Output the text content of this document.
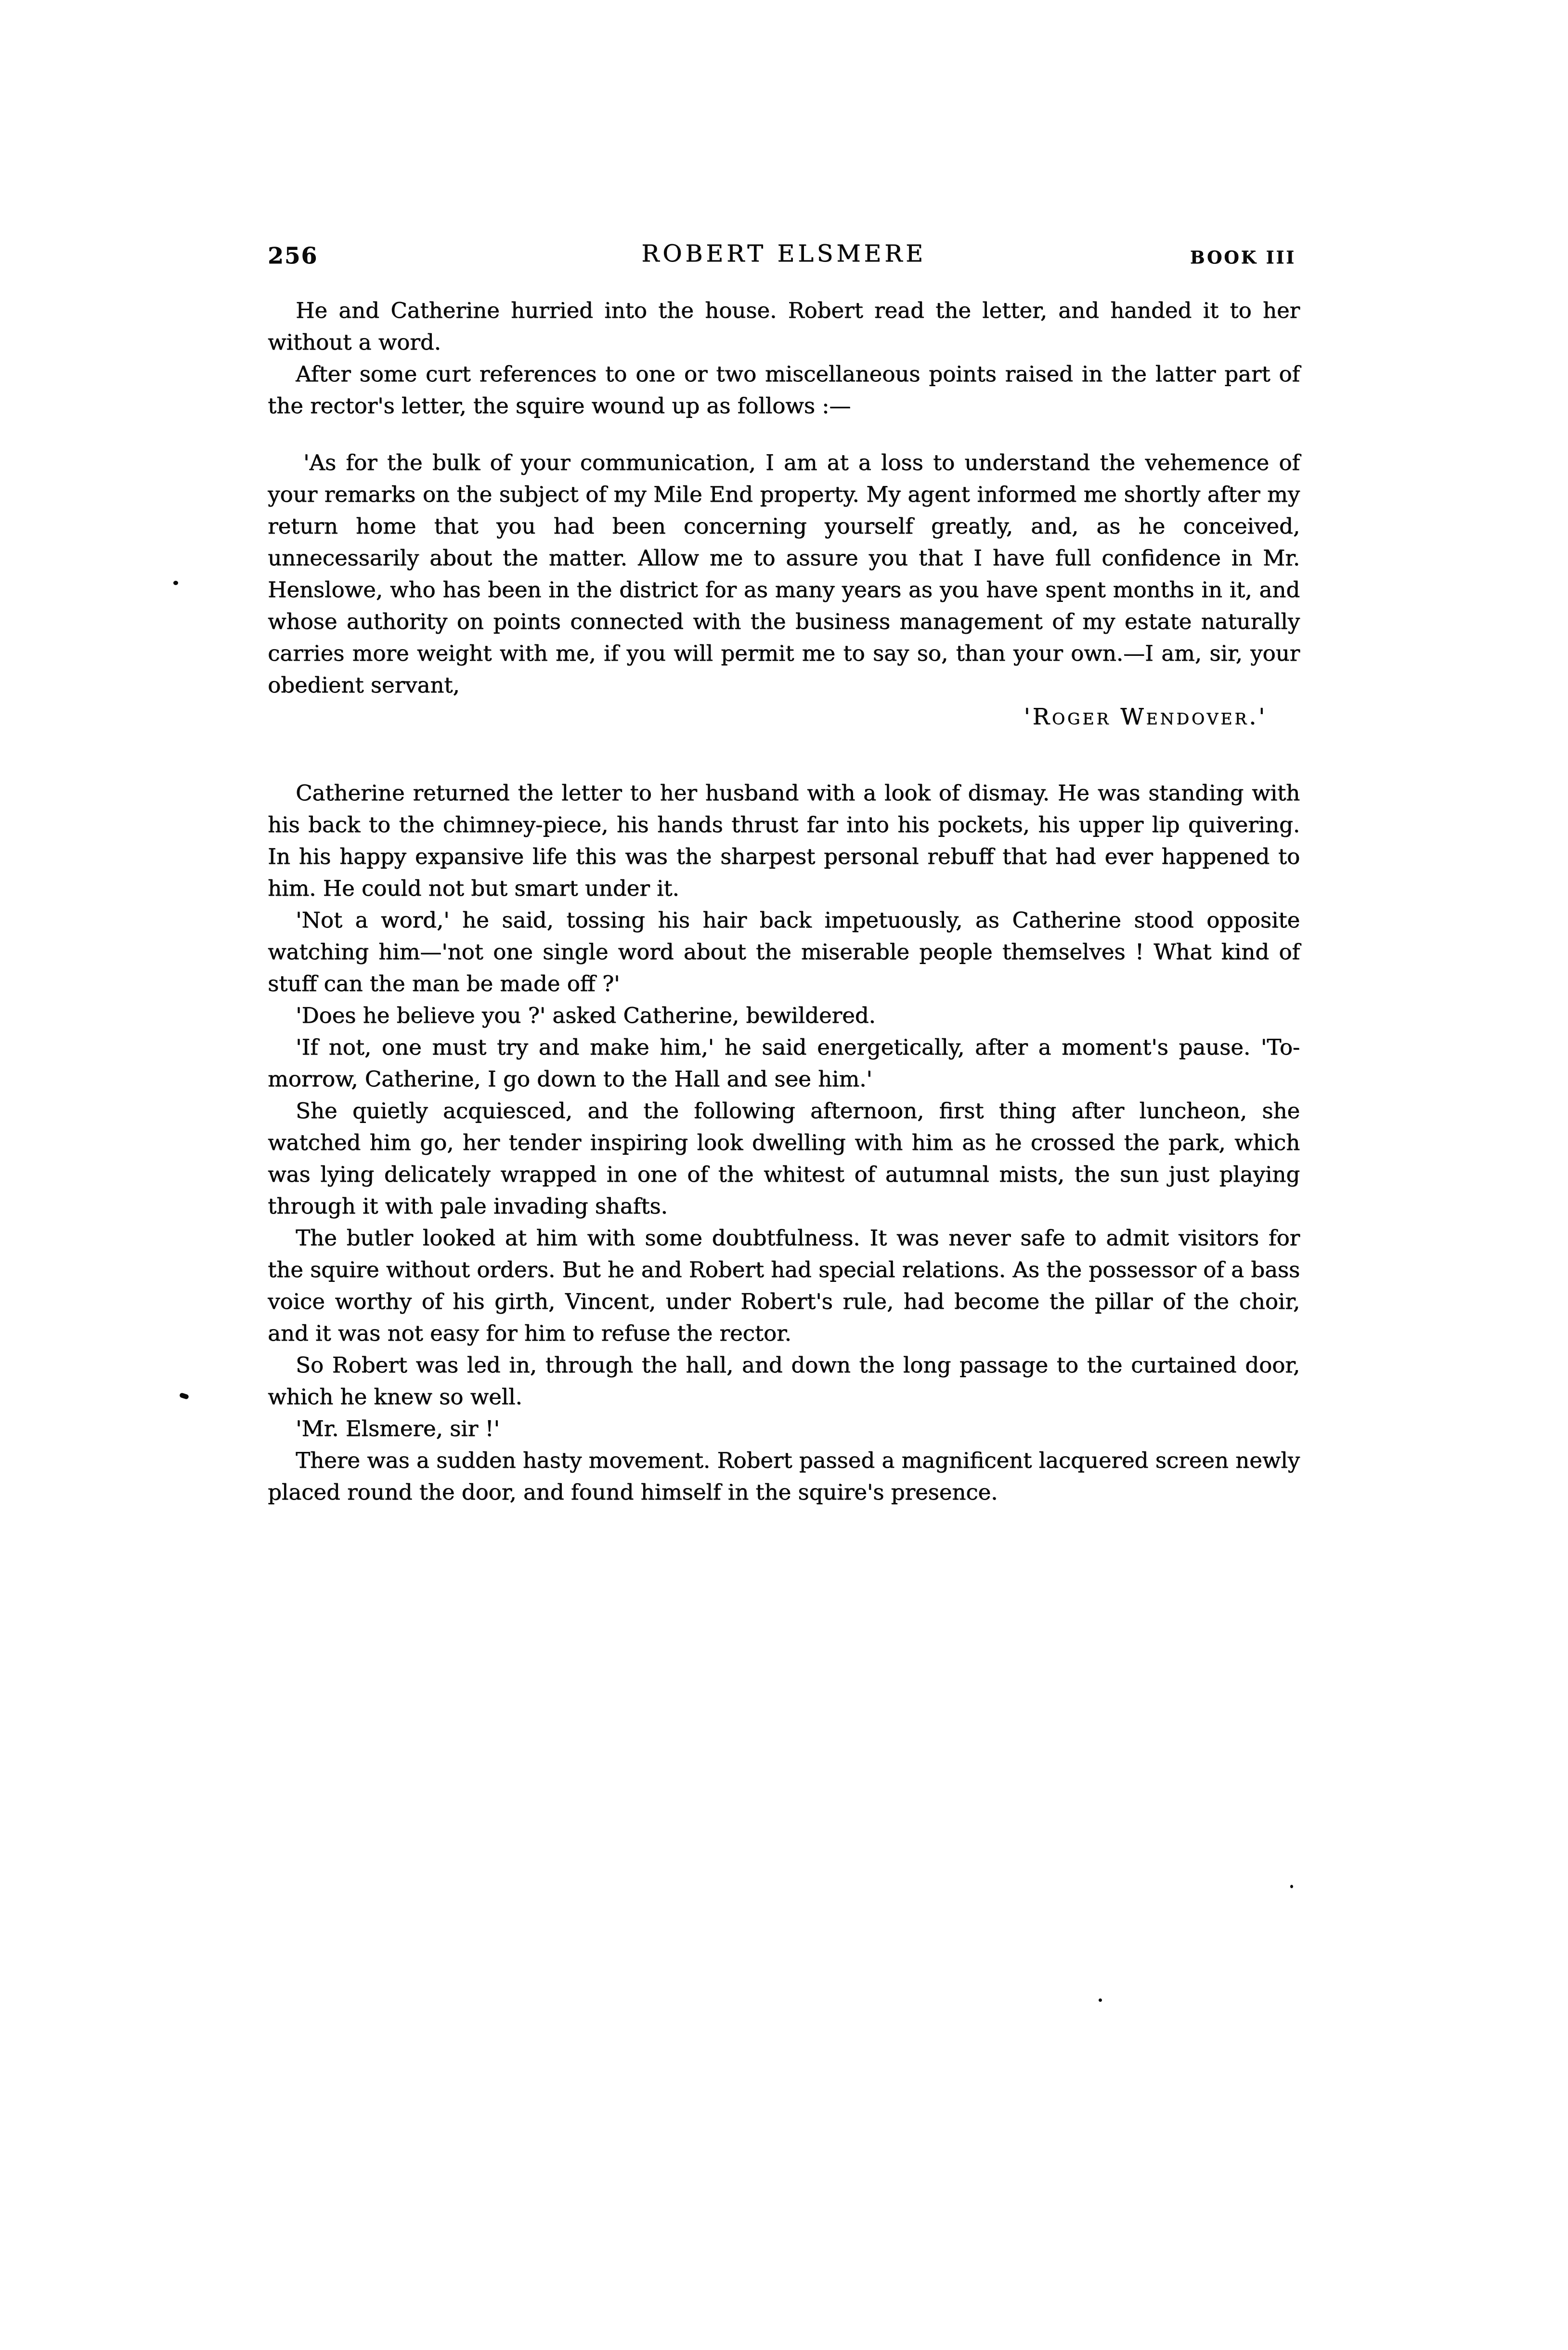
256	ROBERT ELSMERE	BOOK III

He and Catherine hurried into the house. Robert read the letter, and handed it to her without a word.

After some curt references to one or two miscellaneous points raised in the latter part of the rector's letter, the squire wound up as follows :—

'As for the bulk of your communication, I am at a loss to understand the vehemence of your remarks on the subject of my Mile End property. My agent informed me shortly after my return home that you had been concerning yourself greatly, and, as he conceived, unnecessarily about the matter. Allow me to assure you that I have full confidence in Mr. Henslowe, who has been in the district for as many years as you have spent months in it, and whose authority on points connected with the business management of my estate naturally carries more weight with me, if you will permit me to say so, than your own.—I am, sir, your obedient servant,

'Roger Wendover.'

Catherine returned the letter to her husband with a look of dismay. He was standing with his back to the chimney-piece, his hands thrust far into his pockets, his upper lip quivering. In his happy expansive life this was the sharpest personal rebuff that had ever happened to him. He could not but smart under it.

'Not a word,' he said, tossing his hair back impetuously, as Catherine stood opposite watching him—'not one single word about the miserable people themselves ! What kind of stuff can the man be made off ?'

'Does he believe you ?' asked Catherine, bewildered.

'If not, one must try and make him,' he said energetically, after a moment's pause. 'To-morrow, Catherine, I go down to the Hall and see him.'

She quietly acquiesced, and the following afternoon, first thing after luncheon, she watched him go, her tender inspiring look dwelling with him as he crossed the park, which was lying delicately wrapped in one of the whitest of autumnal mists, the sun just playing through it with pale invading shafts.

The butler looked at him with some doubtfulness. It was never safe to admit visitors for the squire without orders. But he and Robert had special relations. As the possessor of a bass voice worthy of his girth, Vincent, under Robert's rule, had become the pillar of the choir, and it was not easy for him to refuse the rector.

So Robert was led in, through the hall, and down the long passage to the curtained door, which he knew so well.

'Mr. Elsmere, sir !'

There was a sudden hasty movement. Robert passed a magnificent lacquered screen newly placed round the door, and found himself in the squire's presence.
